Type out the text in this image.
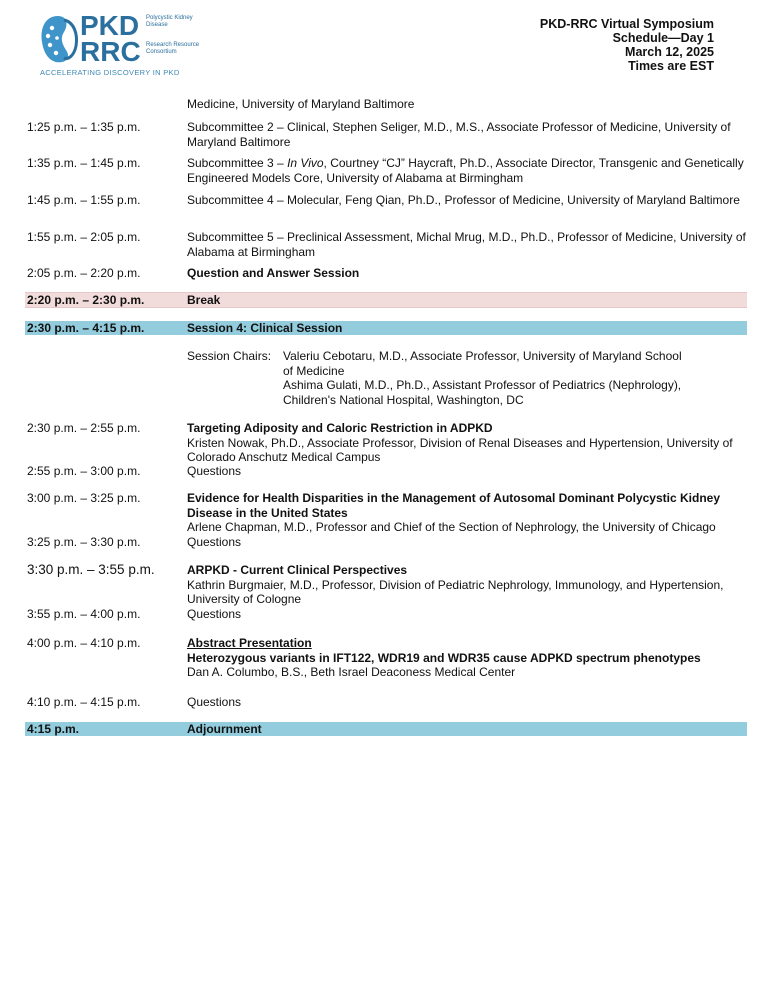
PKD Polycystic Kidney Disease
RRC Research Resource Consortium
ACCELERATING DISCOVERY IN PKD
PKD-RRC Virtual Symposium
Schedule—Day 1
March 12, 2025
Times are EST
Medicine, University of Maryland Baltimore
1:25 p.m. – 1:35 p.m.	Subcommittee 2 – Clinical, Stephen Seliger, M.D., M.S., Associate Professor of Medicine, University of Maryland Baltimore
1:35 p.m. – 1:45 p.m.	Subcommittee 3 – In Vivo, Courtney “CJ” Haycraft, Ph.D., Associate Director, Transgenic and Genetically Engineered Models Core, University of Alabama at Birmingham
1:45 p.m. – 1:55 p.m.	Subcommittee 4 – Molecular, Feng Qian, Ph.D., Professor of Medicine, University of Maryland Baltimore
1:55 p.m. – 2:05 p.m.	Subcommittee 5 – Preclinical Assessment, Michal Mrug, M.D., Ph.D., Professor of Medicine, University of Alabama at Birmingham
2:05 p.m. – 2:20 p.m.	Question and Answer Session
2:20 p.m. – 2:30 p.m.	Break
2:30 p.m. – 4:15 p.m.	Session 4: Clinical Session
Session Chairs: Valeriu Cebotaru, M.D., Associate Professor, University of Maryland School
of Medicine
Ashima Gulati, M.D., Ph.D., Assistant Professor of Pediatrics (Nephrology),
Children's National Hospital, Washington, DC
2:30 p.m. – 2:55 p.m.	Targeting Adiposity and Caloric Restriction in ADPKD
Kristen Nowak, Ph.D., Associate Professor, Division of Renal Diseases and Hypertension, University of Colorado Anschutz Medical Campus
2:55 p.m. – 3:00 p.m.	Questions
3:00 p.m. – 3:25 p.m.	Evidence for Health Disparities in the Management of Autosomal Dominant Polycystic Kidney Disease in the United States
Arlene Chapman, M.D., Professor and Chief of the Section of Nephrology, the University of Chicago
3:25 p.m. – 3:30 p.m.	Questions
3:30 p.m. – 3:55 p.m.	ARPKD - Current Clinical Perspectives
Kathrin Burgmaier, M.D., Professor, Division of Pediatric Nephrology, Immunology, and Hypertension, University of Cologne
3:55 p.m. – 4:00 p.m.	Questions
4:00 p.m. – 4:10 p.m.	Abstract Presentation
Heterozygous variants in IFT122, WDR19 and WDR35 cause ADPKD spectrum phenotypes
Dan A. Columbo, B.S., Beth Israel Deaconess Medical Center
4:10 p.m. – 4:15 p.m.	Questions
4:15 p.m.	Adjournment
